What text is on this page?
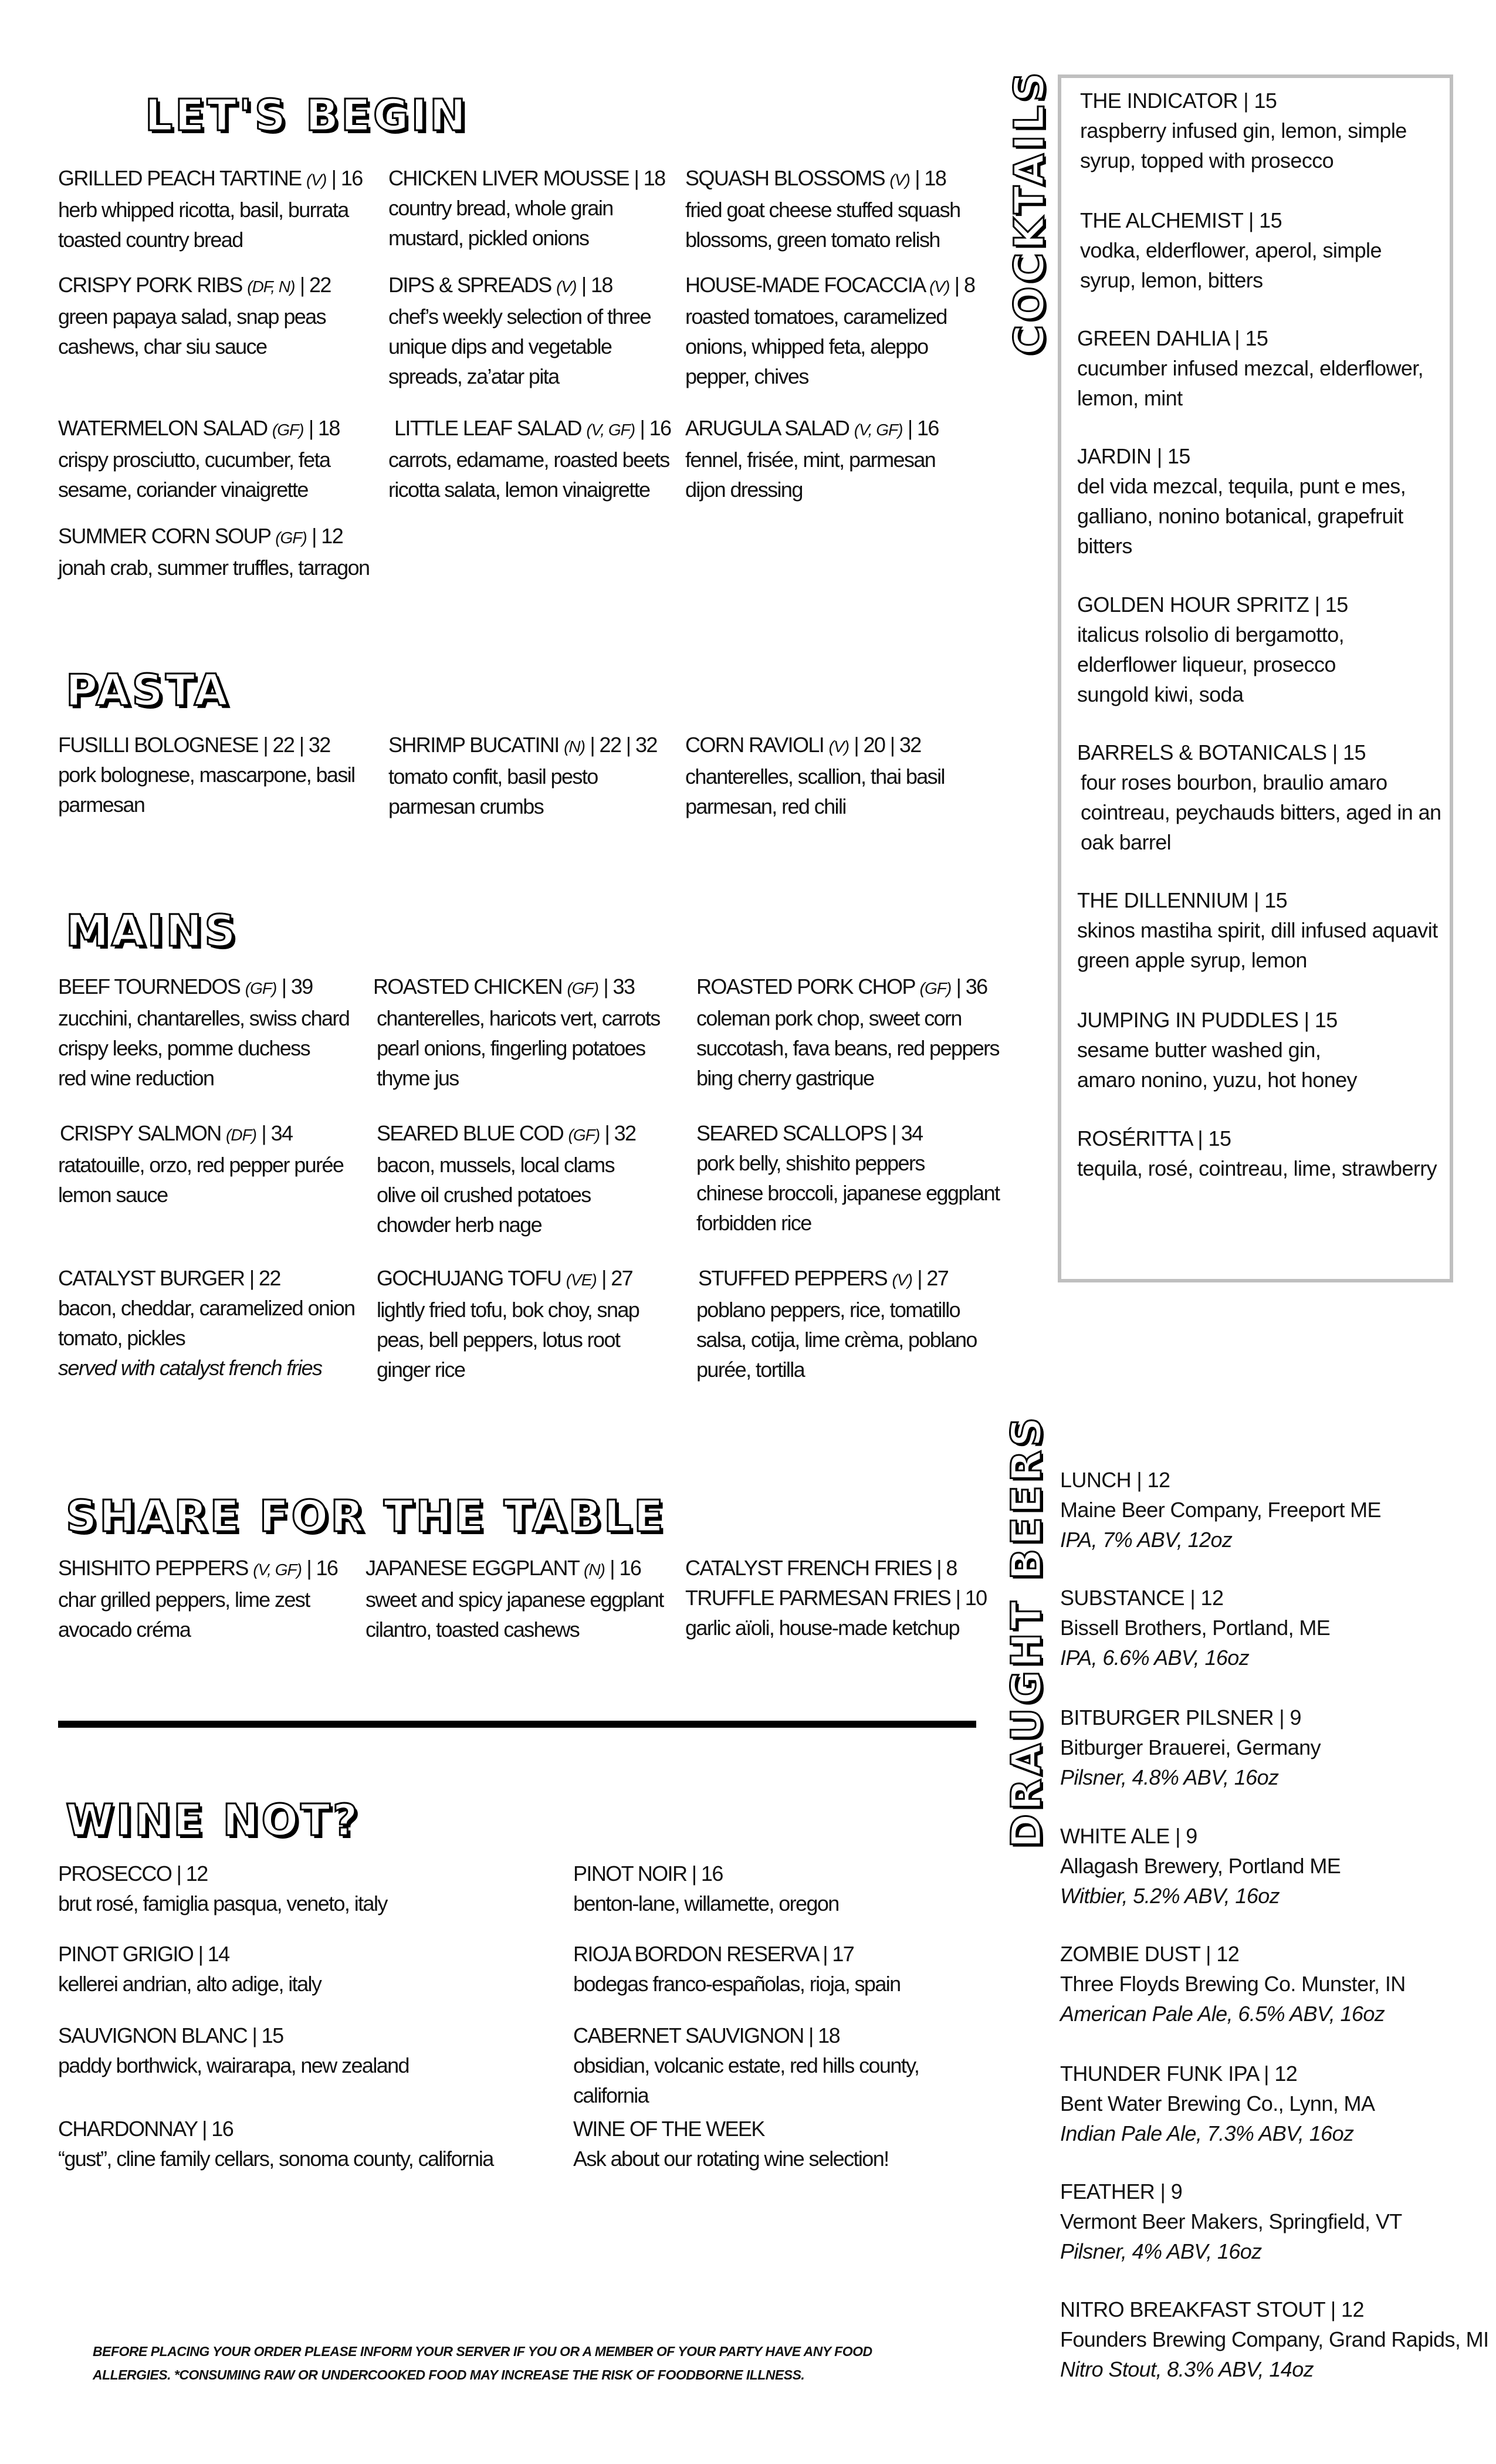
LET'S BEGIN
PASTA
MAINS
SHARE FOR THE TABLE
WINE NOT?
GRILLED PEACH TARTINE (V) | 16
herb whipped ricotta, basil, burrata
toasted country bread
CHICKEN LIVER MOUSSE | 18
country bread, whole grain
mustard, pickled onions
SQUASH BLOSSOMS (V) | 18
fried goat cheese stuffed squash
blossoms, green tomato relish
CRISPY PORK RIBS (DF, N) | 22
green papaya salad, snap peas
cashews, char siu sauce
DIPS & SPREADS (V) | 18
chef’s weekly selection of three
unique dips and vegetable
spreads, za’atar pita
HOUSE-MADE FOCACCIA (V) | 8
roasted tomatoes, caramelized
onions, whipped feta, aleppo
pepper, chives
WATERMELON SALAD (GF) | 18
crispy prosciutto, cucumber, feta
sesame, coriander vinaigrette
LITTLE LEAF SALAD (V, GF) | 16
carrots, edamame, roasted beets
ricotta salata, lemon vinaigrette
ARUGULA SALAD (V, GF) | 16
fennel, frisée, mint, parmesan
dijon dressing
SUMMER CORN SOUP (GF) | 12
jonah crab, summer truffles, tarragon
FUSILLI BOLOGNESE | 22 | 32
pork bolognese, mascarpone, basil
parmesan
SHRIMP BUCATINI (N) | 22 | 32
tomato confit, basil pesto
parmesan crumbs
CORN RAVIOLI (V) | 20 | 32
chanterelles, scallion, thai basil
parmesan, red chili
BEEF TOURNEDOS (GF) | 39
zucchini, chantarelles, swiss chard
crispy leeks, pomme duchess
red wine reduction
ROASTED CHICKEN (GF) | 33
chanterelles, haricots vert, carrots
pearl onions, fingerling potatoes
thyme jus
ROASTED PORK CHOP (GF) | 36
coleman pork chop, sweet corn
succotash, fava beans, red peppers
bing cherry gastrique
CRISPY SALMON (DF) | 34
ratatouille, orzo, red pepper purée
lemon sauce
SEARED BLUE COD (GF) | 32
bacon, mussels, local clams
olive oil crushed potatoes
chowder herb nage
SEARED SCALLOPS | 34
pork belly, shishito peppers
chinese broccoli, japanese eggplant
forbidden rice
CATALYST BURGER | 22
bacon, cheddar, caramelized onion
tomato, pickles
served with catalyst french fries
GOCHUJANG TOFU (VE) | 27
lightly fried tofu, bok choy, snap
peas, bell peppers, lotus root
ginger rice
STUFFED PEPPERS (V) | 27
poblano peppers, rice, tomatillo
salsa, cotija, lime crèma, poblano
purée, tortilla
SHISHITO PEPPERS (V, GF) | 16
char grilled peppers, lime zest
avocado créma
JAPANESE EGGPLANT (N) | 16
sweet and spicy japanese eggplant
cilantro, toasted cashews
CATALYST FRENCH FRIES | 8
TRUFFLE PARMESAN FRIES | 10
garlic aïoli, house-made ketchup
PROSECCO | 12
brut rosé, famiglia pasqua, veneto, italy
PINOT GRIGIO | 14
kellerei andrian, alto adige, italy
SAUVIGNON BLANC | 15
paddy borthwick, wairarapa, new zealand
CHARDONNAY | 16
“gust”, cline family cellars, sonoma county, california
PINOT NOIR | 16
benton-lane, willamette, oregon
RIOJA BORDON RESERVA | 17
bodegas franco-españolas, rioja, spain
CABERNET SAUVIGNON | 18
obsidian, volcanic estate, red hills county,
california
WINE OF THE WEEK
Ask about our rotating wine selection!
BEFORE PLACING YOUR ORDER PLEASE INFORM YOUR SERVER IF YOU OR A MEMBER OF YOUR PARTY HAVE ANY FOOD
ALLERGIES. *CONSUMING RAW OR UNDERCOOKED FOOD MAY INCREASE THE RISK OF FOODBORNE ILLNESS.
COCKTAILS THE INDICATOR | 15
raspberry infused gin, lemon, simple
syrup, topped with prosecco
THE ALCHEMIST | 15
vodka, elderflower, aperol, simple
syrup, lemon, bitters
GREEN DAHLIA | 15
cucumber infused mezcal, elderflower,
lemon, mint
JARDIN | 15
del vida mezcal, tequila, punt e mes,
galliano, nonino botanical, grapefruit
bitters
GOLDEN HOUR SPRITZ | 15
italicus rolsolio di bergamotto,
elderflower liqueur, prosecco
sungold kiwi, soda
BARRELS & BOTANICALS | 15
four roses bourbon, braulio amaro
cointreau, peychauds bitters, aged in an
oak barrel
THE DILLENNIUM | 15
skinos mastiha spirit, dill infused aquavit
green apple syrup, lemon
JUMPING IN PUDDLES | 15
sesame butter washed gin,
amaro nonino, yuzu, hot honey
ROSÉRITTA | 15
tequila, rosé, cointreau, lime, strawberry
DRAUGHT BEERS LUNCH | 12
Maine Beer Company, Freeport ME
IPA, 7% ABV, 12oz
SUBSTANCE | 12
Bissell Brothers, Portland, ME
IPA, 6.6% ABV, 16oz
BITBURGER PILSNER | 9
Bitburger Brauerei, Germany
Pilsner, 4.8% ABV, 16oz
WHITE ALE | 9
Allagash Brewery, Portland ME
Witbier, 5.2% ABV, 16oz
ZOMBIE DUST | 12
Three Floyds Brewing Co. Munster, IN
American Pale Ale, 6.5% ABV, 16oz
THUNDER FUNK IPA | 12
Bent Water Brewing Co., Lynn, MA
Indian Pale Ale, 7.3% ABV, 16oz
FEATHER | 9
Vermont Beer Makers, Springfield, VT
Pilsner, 4% ABV, 16oz
NITRO BREAKFAST STOUT | 12
Founders Brewing Company, Grand Rapids, MI
Nitro Stout, 8.3% ABV, 14oz
